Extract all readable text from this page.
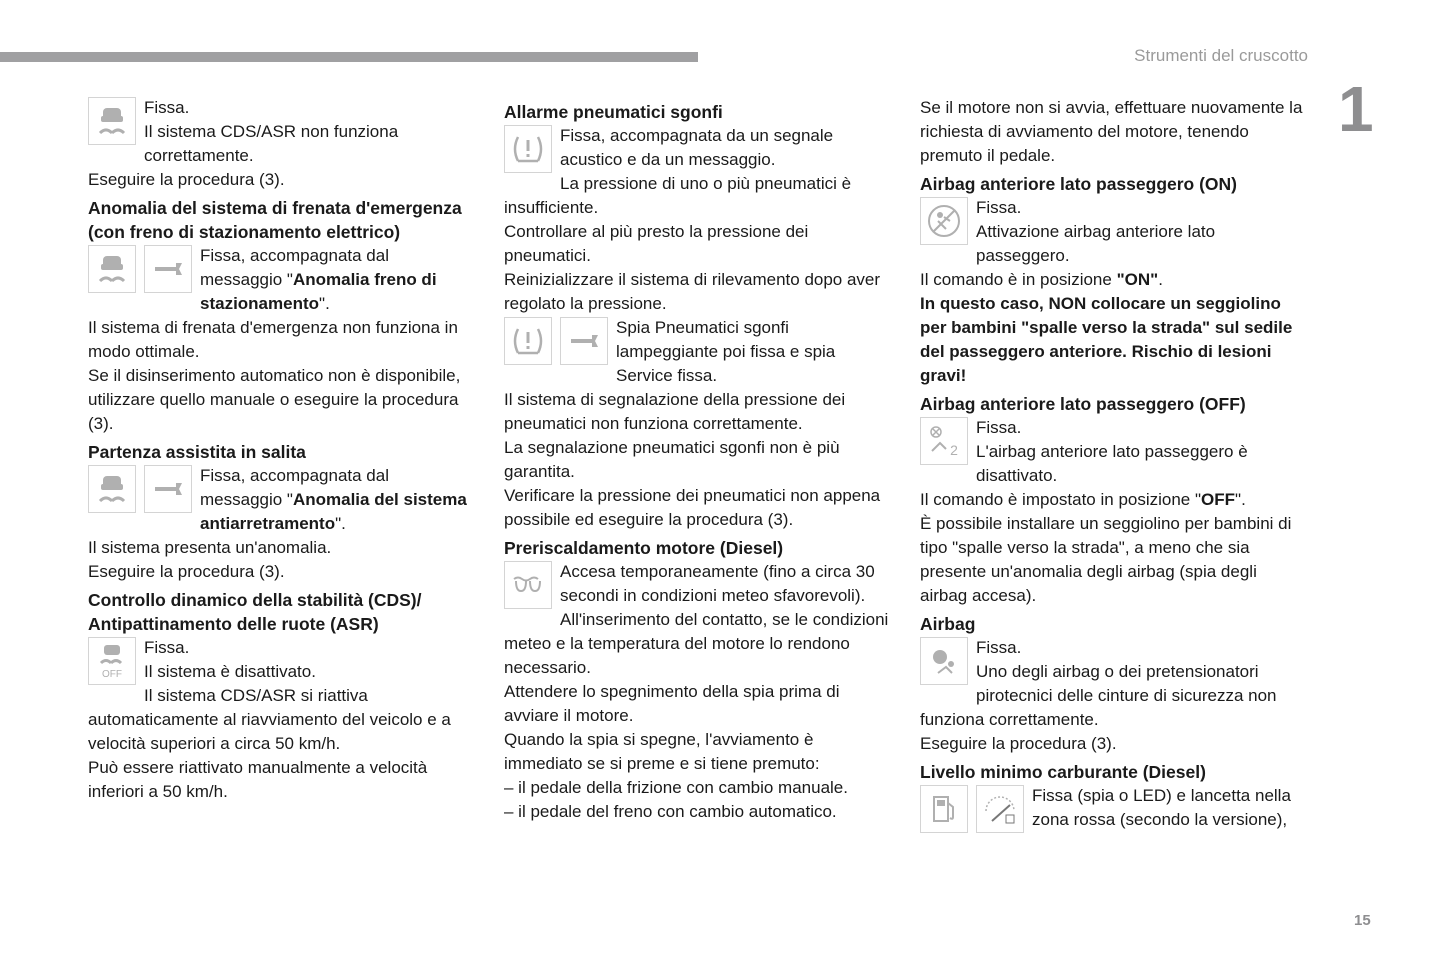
Strumenti del cruscotto
1
15

Fissa.

Il sistema CDS/ASR non funziona correttamente.

Eseguire la procedura (3).

Anomalia del sistema di frenata d'emergenza (con freno di stazionamento elettrico)

Fissa, accompagnata dal messaggio "Anomalia freno di stazionamento".

Il sistema di frenata d'emergenza non funziona in modo ottimale.

Se il disinserimento automatico non è disponibile, utilizzare quello manuale o eseguire la procedura (3).

Partenza assistita in salita

Fissa, accompagnata dal messaggio "Anomalia del sistema antiarretramento".

Il sistema presenta un'anomalia.

Eseguire la procedura (3).

Controllo dinamico della stabilità (CDS)/ Antipattinamento delle ruote (ASR)
OFF

Fissa.

Il sistema è disattivato.

Il sistema CDS/ASR si riattiva automaticamente al riavviamento del veicolo e a velocità superiori a circa 50 km/h.

Può essere riattivato manualmente a velocità inferiori a 50 km/h.

Allarme pneumatici sgonfi

Fissa, accompagnata da un segnale acustico e da un messaggio.

La pressione di uno o più pneumatici è insufficiente.

Controllare al più presto la pressione dei pneumatici.

Reinizializzare il sistema di rilevamento dopo aver regolato la pressione.

Spia Pneumatici sgonfi lampeggiante poi fissa e spia Service fissa.

Il sistema di segnalazione della pressione dei pneumatici non funziona correttamente.

La segnalazione pneumatici sgonfi non è più garantita.

Verificare la pressione dei pneumatici non appena possibile ed eseguire la procedura (3).

Preriscaldamento motore (Diesel)

Accesa temporaneamente (fino a circa 30 secondi in condizioni meteo sfavorevoli).

All'inserimento del contatto, se le condizioni meteo e la temperatura del motore lo rendono necessario.

Attendere lo spegnimento della spia prima di avviare il motore.

Quando la spia si spegne, l'avviamento è immediato se si preme e si tiene premuto:

– il pedale della frizione con cambio manuale.

– il pedale del freno con cambio automatico.

Se il motore non si avvia, effettuare nuovamente la richiesta di avviamento del motore, tenendo premuto il pedale.

Airbag anteriore lato passeggero (ON)

Fissa.

Attivazione airbag anteriore lato passeggero.

Il comando è in posizione "ON".

In questo caso, NON collocare un seggiolino per bambini "spalle verso la strada" sul sedile del passeggero anteriore. Rischio di lesioni gravi!

Airbag anteriore lato passeggero (OFF)
2

Fissa.

L'airbag anteriore lato passeggero è disattivato.

Il comando è impostato in posizione "OFF".

È possibile installare un seggiolino per bambini di tipo "spalle verso la strada", a meno che sia presente un'anomalia degli airbag (spia degli airbag accesa).

Airbag

Fissa.

Uno degli airbag o dei pretensionatori pirotecnici delle cinture di sicurezza non funziona correttamente.

Eseguire la procedura (3).

Livello minimo carburante (Diesel)

Fissa (spia o LED) e lancetta nella zona rossa (secondo la versione),
